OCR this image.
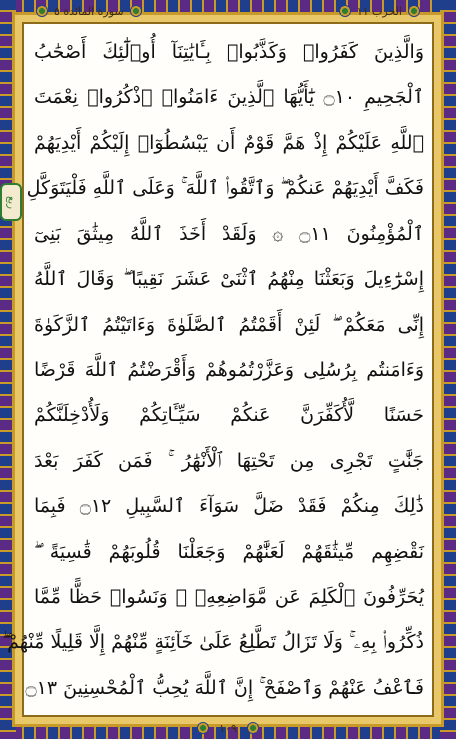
الحزب ١١
سورة المائدة ٥
وَالَّذِينَ كَفَرُوا۟ وَكَذَّبُوا۟ بِـَٔايَٰتِنَآ أُو۟لَٰٓئِكَ أَصْحَٰبُ
ٱلْجَحِيمِ ۝١٠ يَٰٓأَيُّهَا ٱلَّذِينَ ءَامَنُوا۟ ٱذْكُرُوا۟ نِعْمَتَ
ٱللَّهِ عَلَيْكُمْ إِذْ هَمَّ قَوْمٌ أَن يَبْسُطُوٓا۟ إِلَيْكُمْ أَيْدِيَهُمْ
فَكَفَّ أَيْدِيَهُمْ عَنكُمْ ۖ وَٱتَّقُوا۟ ٱللَّهَ ۚ وَعَلَى ٱللَّهِ فَلْيَتَوَكَّلِ
ٱلْمُؤْمِنُونَ ۝١١ ۞ وَلَقَدْ أَخَذَ ٱللَّهُ مِيثَٰقَ بَنِىٓ
إِسْرَٰٓءِيلَ وَبَعَثْنَا مِنْهُمُ ٱثْنَىْ عَشَرَ نَقِيبًا ۖ وَقَالَ ٱللَّهُ
إِنِّى مَعَكُمْ ۖ لَئِنْ أَقَمْتُمُ ٱلصَّلَوٰةَ وَءَاتَيْتُمُ ٱلزَّكَوٰةَ
وَءَامَنتُم بِرُسُلِى وَعَزَّرْتُمُوهُمْ وَأَقْرَضْتُمُ ٱللَّهَ قَرْضًا
حَسَنًا لَّأُكَفِّرَنَّ عَنكُمْ سَيِّـَٔاتِكُمْ وَلَأُدْخِلَنَّكُمْ
جَنَّٰتٍ تَجْرِى مِن تَحْتِهَا ٱلْأَنْهَٰرُ ۚ فَمَن كَفَرَ بَعْدَ
ذَٰلِكَ مِنكُمْ فَقَدْ ضَلَّ سَوَآءَ ٱلسَّبِيلِ ۝١٢ فَبِمَا
نَقْضِهِم مِّيثَٰقَهُمْ لَعَنَّٰهُمْ وَجَعَلْنَا قُلُوبَهُمْ قَٰسِيَةً ۖ
يُحَرِّفُونَ ٱلْكَلِمَ عَن مَّوَاضِعِهِۦ ۙ وَنَسُوا۟ حَظًّا مِّمَّا
ذُكِّرُوا۟ بِهِۦ ۚ وَلَا تَزَالُ تَطَّلِعُ عَلَىٰ خَآئِنَةٍ مِّنْهُمْ إِلَّا قَلِيلًا مِّنْهُمْ ۖ
فَٱعْفُ عَنْهُمْ وَٱصْفَحْ ۚ إِنَّ ٱللَّهَ يُحِبُّ ٱلْمُحْسِنِينَ ۝١٣
ربع
١٠٩
